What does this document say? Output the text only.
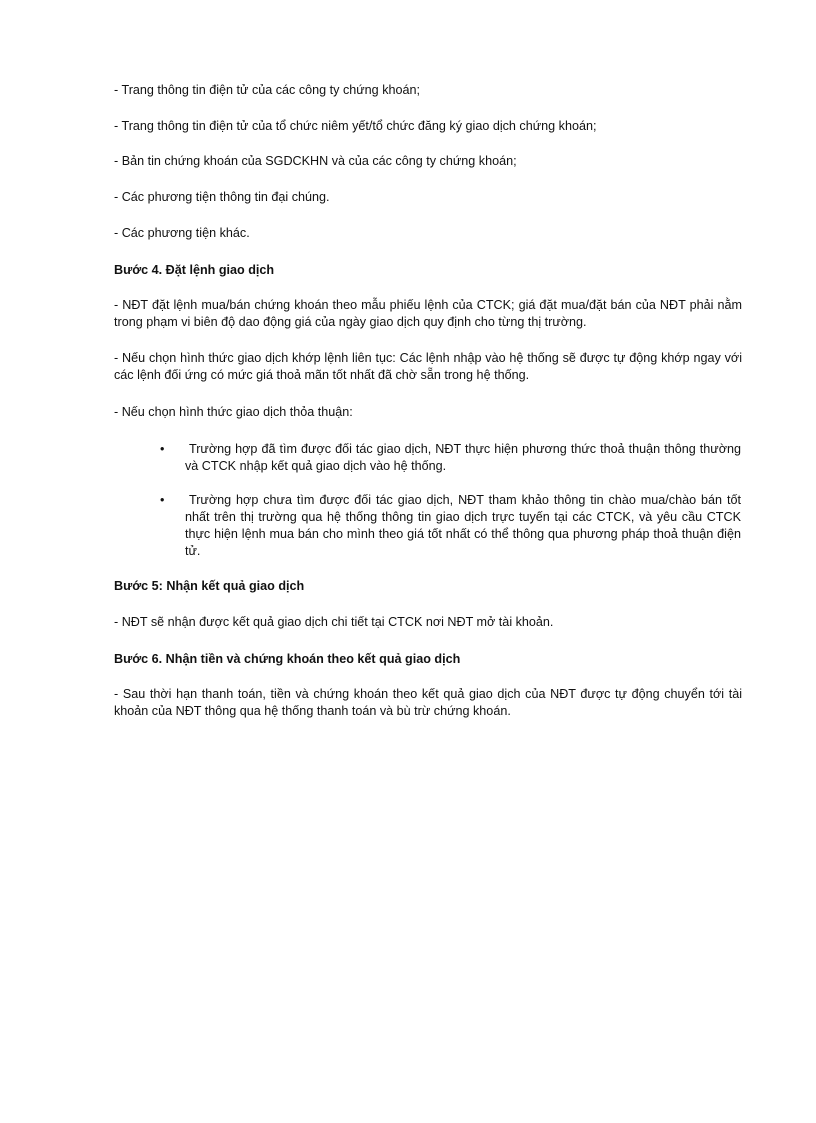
- Trang thông tin điện tử của các công ty chứng khoán;

- Trang thông tin điện tử của tổ chức niêm yết/tổ chức đăng ký giao dịch chứng khoán;

- Bản tin chứng khoán của SGDCKHN và của các công ty chứng khoán;

- Các phương tiện thông tin đại chúng.

- Các phương tiện khác.

Bước 4. Đặt lệnh giao dịch

- NĐT đặt lệnh mua/bán chứng khoán theo mẫu phiếu lệnh của CTCK; giá đặt mua/đặt bán của NĐT phải nằm trong phạm vi biên độ dao động giá của ngày giao dịch quy định cho từng thị trường.

- Nếu chọn hình thức giao dịch khớp lệnh liên tục: Các lệnh nhập vào hệ thống sẽ được tự động khớp ngay với các lệnh đối ứng có mức giá thoả mãn tốt nhất đã chờ sẵn trong hệ thống.

- Nếu chọn hình thức giao dịch thỏa thuận:

•	Trường hợp đã tìm được đối tác giao dịch, NĐT thực hiện phương thức thoả thuận thông thường và CTCK nhập kết quả giao dịch vào hệ thống.
•	Trường hợp chưa tìm được đối tác giao dịch, NĐT tham khảo thông tin chào mua/chào bán tốt nhất trên thị trường qua hệ thống thông tin giao dịch trực tuyến tại các CTCK, và yêu cầu CTCK thực hiện lệnh mua bán cho mình theo giá tốt nhất có thể thông qua phương pháp thoả thuận điện tử.

Bước 5: Nhận kết quả giao dịch

- NĐT sẽ nhận được kết quả giao dịch chi tiết tại CTCK nơi NĐT mở tài khoản.

Bước 6. Nhận tiền và chứng khoán theo kết quả giao dịch

- Sau thời hạn thanh toán, tiền và chứng khoán theo kết quả giao dịch của NĐT được tự động chuyển tới tài khoản của NĐT thông qua hệ thống thanh toán và bù trừ chứng khoán.
